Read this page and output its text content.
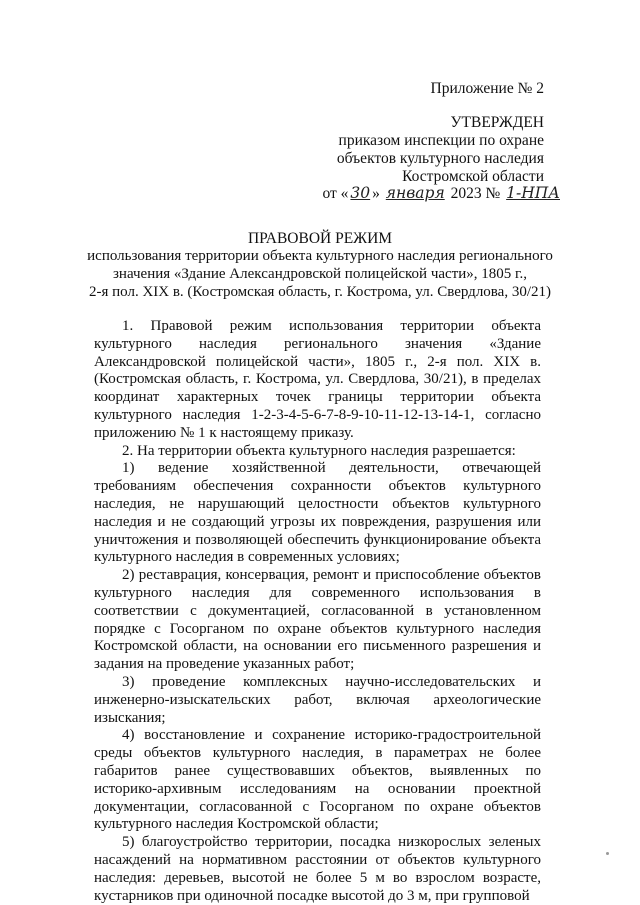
Приложение № 2
УТВЕРЖДЕН
приказом инспекции по охране
объектов культурного наследия
Костромской области
от « 30 » января 2023 № 1-НПА
ПРАВОВОЙ РЕЖИМ
использования территории объекта культурного наследия регионального
значения «Здание Александровской полицейской части», 1805 г.,
2-я пол. XIX в. (Костромская область, г. Кострома, ул. Свердлова, 30/21)

1. Правовой режим использования территории объекта культурного наследия регионального значения «Здание Александровской полицейской части», 1805 г., 2-я пол. XIX в. (Костромская область, г. Кострома, ул. Свердлова, 30/21), в пределах координат характерных точек границы территории объекта культурного наследия 1-2-3-4-5-6-7-8-9-10-11-12-13-14-1, согласно приложению № 1 к настоящему приказу.

2. На территории объекта культурного наследия разрешается:

1) ведение хозяйственной деятельности, отвечающей требованиям обеспечения сохранности объектов культурного наследия, не нарушающий целостности объектов культурного наследия и не создающий угрозы их повреждения, разрушения или уничтожения и позволяющей обеспечить функционирование объекта культурного наследия в современных условиях;

2) реставрация, консервация, ремонт и приспособление объектов культурного наследия для современного использования в соответствии с документацией, согласованной в установленном порядке с Госорганом по охране объектов культурного наследия Костромской области, на основании его письменного разрешения и задания на проведение указанных работ;

3) проведение комплексных научно-исследовательских и инженерно-изыскательских работ, включая археологические изыскания;

4) восстановление и сохранение историко-градостроительной среды объектов культурного наследия, в параметрах не более габаритов ранее существовавших объектов, выявленных по историко-архивным исследованиям на основании проектной документации, согласованной с Госорганом по охране объектов культурного наследия Костромской области;

5) благоустройство территории, посадка низкорослых зеленых насаждений на нормативном расстоянии от объектов культурного наследия: деревьев, высотой не более 5 м во взрослом возрасте, кустарников при одиночной посадке высотой до 3 м, при групповой
